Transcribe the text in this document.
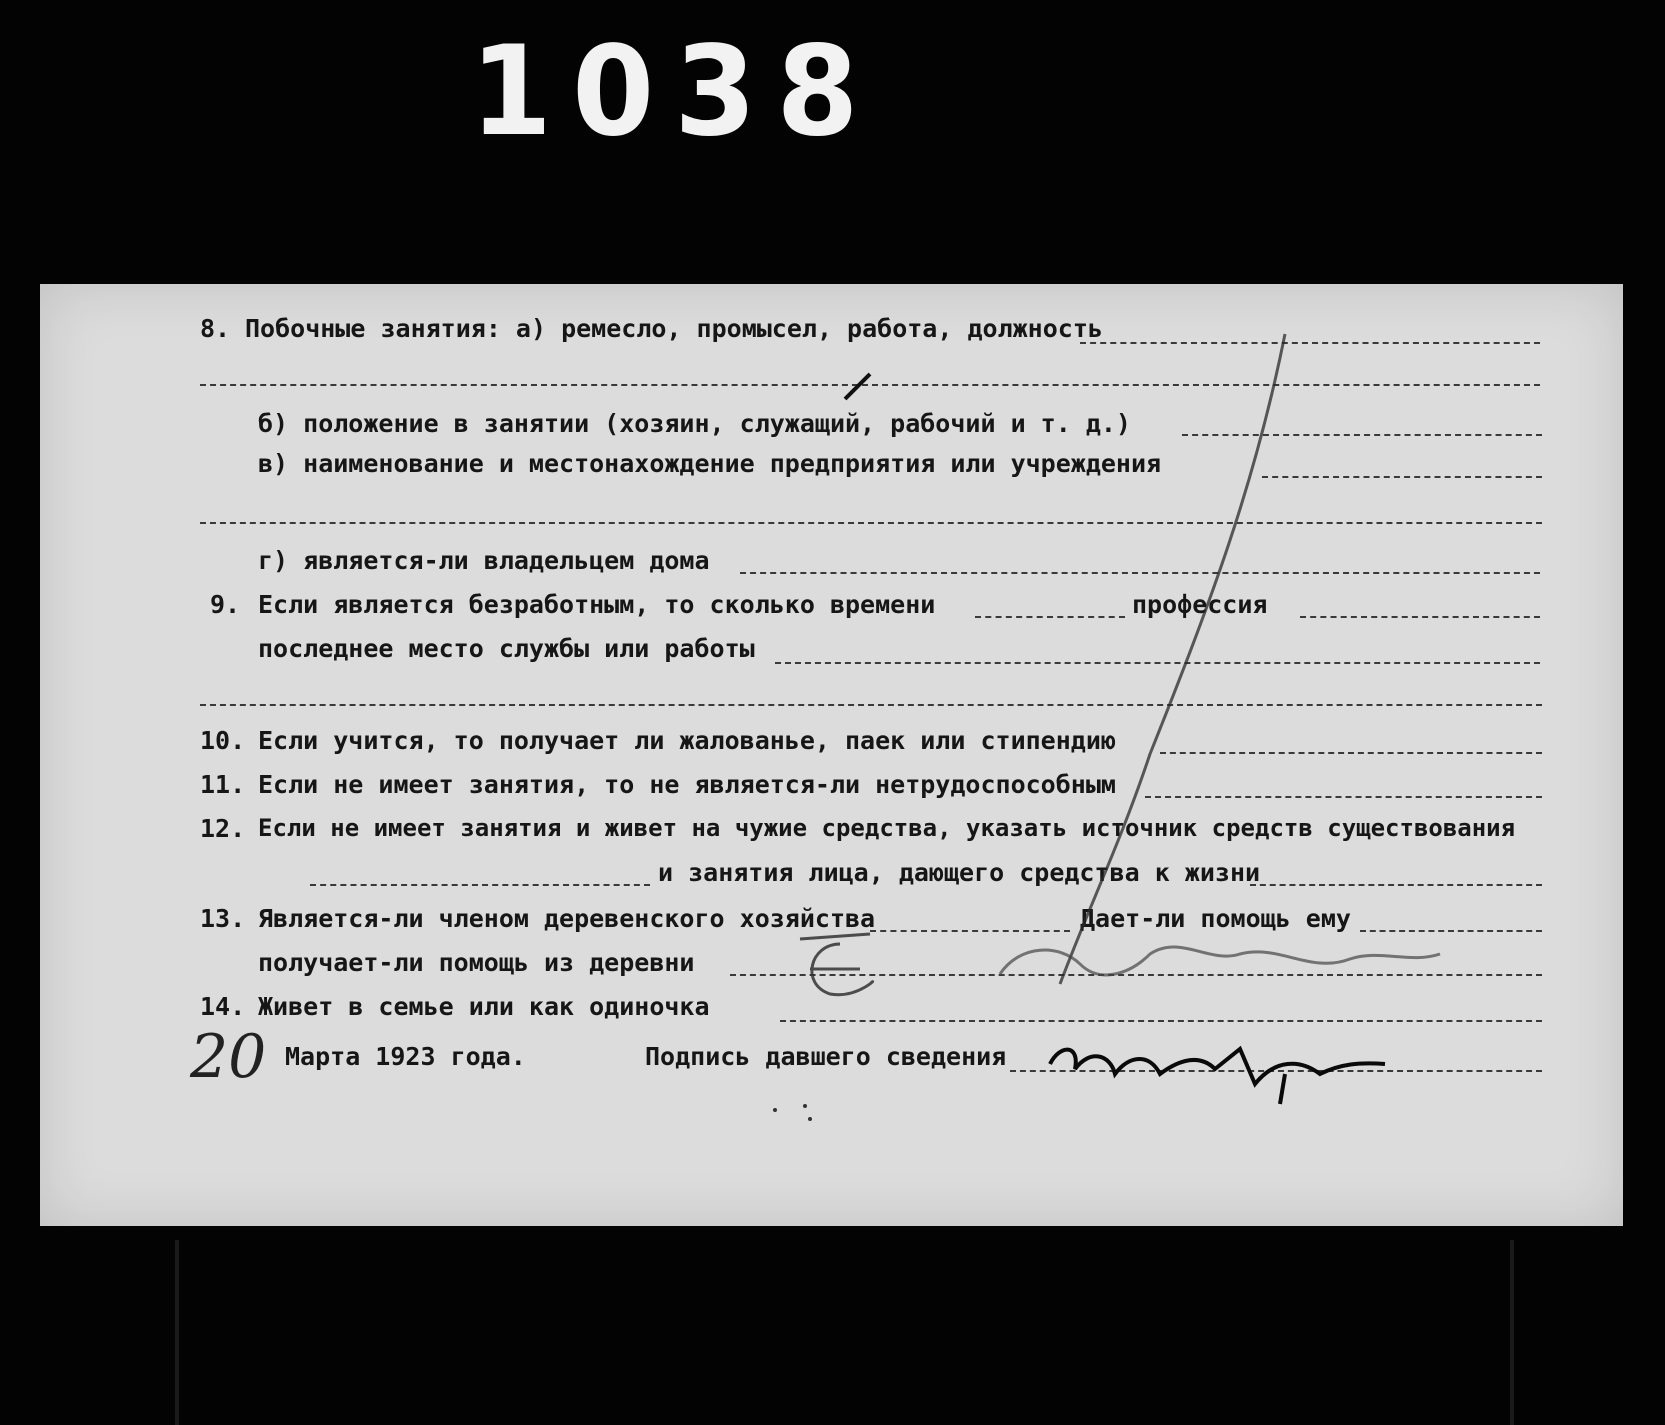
1038
8. Побочные занятия: а) ремесло, промысел, работа, должность
б) положение в занятии (хозяин, служащий, рабочий и т. д.)
в) наименование и местонахождение предприятия или учреждения
г) является-ли владельцем дома
9. Если является безработным, то сколько времени	профессия
последнее место службы или работы
10. Если учится, то получает ли жалованье, паек или стипендию
11. Если не имеет занятия, то не является-ли нетрудоспособным
12. Если не имеет занятия и живет на чужие средства, указать источник средств существования
и занятия лица, дающего средства к жизни
13. Является-ли членом деревенского хозяйства	Дает-ли помощь ему
получает-ли помощь из деревни
14. Живет в семье или как одиночка
20 Марта 1923 года.	Подпись давшего сведения
